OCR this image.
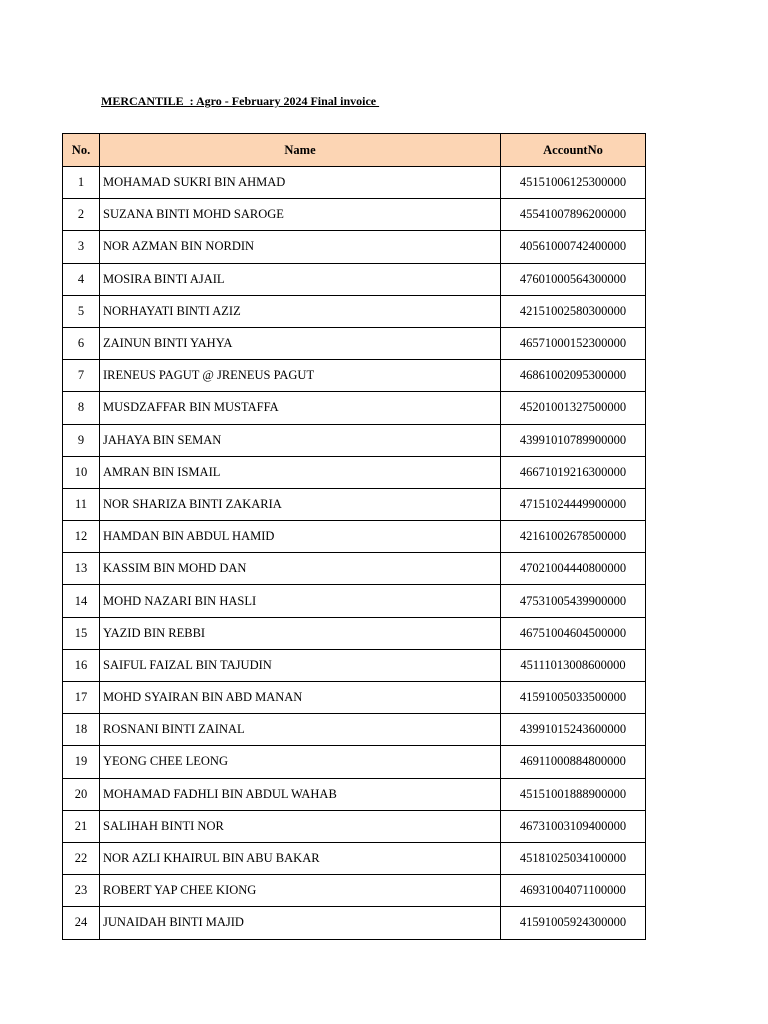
MERCANTILE  : Agro - February 2024 Final invoice
No.	Name	AccountNo
1	MOHAMAD SUKRI BIN AHMAD	45151006125300000
2	SUZANA BINTI MOHD SAROGE	45541007896200000
3	NOR AZMAN BIN NORDIN	40561000742400000
4	MOSIRA BINTI AJAIL	47601000564300000
5	NORHAYATI BINTI AZIZ	42151002580300000
6	ZAINUN BINTI YAHYA	46571000152300000
7	IRENEUS PAGUT @ JRENEUS PAGUT	46861002095300000
8	MUSDZAFFAR BIN MUSTAFFA	45201001327500000
9	JAHAYA BIN SEMAN	43991010789900000
10	AMRAN BIN ISMAIL	46671019216300000
11	NOR SHARIZA BINTI ZAKARIA	47151024449900000
12	HAMDAN BIN ABDUL HAMID	42161002678500000
13	KASSIM BIN MOHD DAN	47021004440800000
14	MOHD NAZARI BIN HASLI	47531005439900000
15	YAZID BIN REBBI	46751004604500000
16	SAIFUL FAIZAL BIN TAJUDIN	45111013008600000
17	MOHD SYAIRAN BIN ABD MANAN	41591005033500000
18	ROSNANI BINTI ZAINAL	43991015243600000
19	YEONG CHEE LEONG	46911000884800000
20	MOHAMAD FADHLI BIN ABDUL WAHAB	45151001888900000
21	SALIHAH BINTI NOR	46731003109400000
22	NOR AZLI KHAIRUL BIN ABU BAKAR	45181025034100000
23	ROBERT YAP CHEE KIONG	46931004071100000
24	JUNAIDAH BINTI MAJID	41591005924300000
